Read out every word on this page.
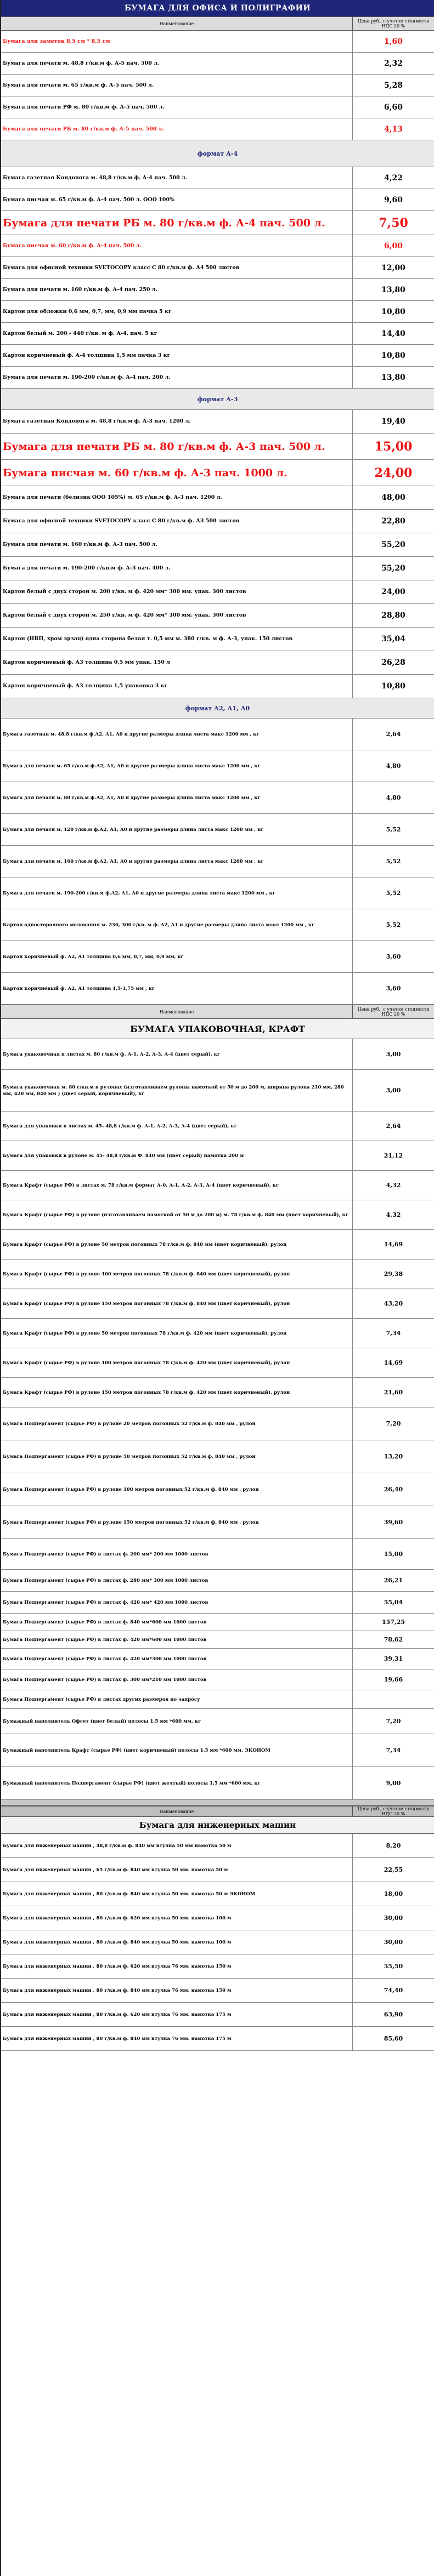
БУМАГА ДЛЯ ОФИСА И ПОЛИГРАФИИ
Наименование	Цена руб., с учетом стоимости НДС 20 %
Бумага для заметок 8,5 см * 8,5 см	1,60
Бумага для печати м. 48,8 г/кв.м ф. А-5 пач. 500 л.	2,32
Бумага для печати м. 65 г/кв.м ф. А-5 пач. 500 л.	5,28
Бумага для печати РФ м. 80 г/кв.м ф. А-5 пач. 500 л.	6,60
Бумага для печати РБ м. 80 г/кв.м ф. А-5 пач. 500 л.	4,13
формат А-4
Бумага газетная Кондопога м. 48,8 г/кв.м ф. А-4 пач. 500 л.	4,22
Бумага писчая м. 65 г/кв.м ф. А-4 пач. 500 л. ООО 100%	9,60
Бумага для печати РБ м. 80 г/кв.м ф. А-4 пач. 500 л.	7,50
Бумага писчая м. 60 г/кв.м ф. А-4 пач. 500 л.	6,00
Бумага для офисной техники SVETOCOPY класс С 80 г/кв.м ф. А4 500 листов	12,00
Бумага для печати м. 160 г/кв.м ф. А-4 пач. 250 л.	13,80
Картон для обложки 0,6 мм, 0,7, мм, 0,9 мм пачка 5 кг	10,80
Картон белый м. 200 - 440 г/кв. м ф. А-4, пач. 5 кг	14,40
Картон коричневый ф. А-4 толщина 1,5 мм пачка 3 кг	10,80
Бумага для печати м. 190-200 г/кв.м ф. А-4 пач. 200 л.	13,80
формат А-3
Бумага газетная Кондопога м. 48,8 г/кв.м ф. А-3 пач. 1200 л.	19,40
Бумага для печати РБ м. 80 г/кв.м ф. А-3 пач. 500 л.	15,00
Бумага писчая м. 60 г/кв.м ф. А-3 пач. 1000 л.	24,00
Бумага для печати (белизна ООО 105%) м. 65 г/кв.м ф. А-3 пач. 1200 л.	48,00
Бумага для офисной техники SVETOCOPY класс С 80 г/кв.м ф. А3 500 листов	22,80
Бумага для печати м. 160 г/кв.м ф. А-3 пач. 500 л.	55,20
Бумага для печати м. 190-200 г/кв.м ф. А-3 пач. 400 л.	55,20
Картон белый с двух сторон м. 200 г/кв. м ф. 420 мм* 300 мм. упак. 300 листов	24,00
Картон белый с двух сторон м. 250 г/кв. м ф. 420 мм* 300 мм. упак. 300 листов	28,80
Картон (НВП, хром эрзац) одна сторона белая т. 0,5 мм м. 380 г/кв. м ф. А-3, упак. 150 листов	35,04
Картон коричневый ф. А3 толщина 0,5 мм упак. 150 л	26,28
Картон коричневый ф. А3 толщина 1,5 упаковка 3 кг	10,80
формат А2, А1, А0
Бумага газетная м. 48,8 г/кв.м ф.А2, А1, А0 и другие размеры длина листа макс 1200 мм , кг	2,64
Бумага для печати м. 65 г/кв.м ф.А2, А1, А0 и другие размеры длина листа макс 1200 мм , кг	4,80
Бумага для печати м. 80 г/кв.м ф.А2, А1, А0 и другие размеры длина листа макс 1200 мм , кг	4,80
Бумага для печати м. 120 г/кв.м ф.А2, А1, А0 и другие размеры длина листа макс 1200 мм , кг	5,52
Бумага для печати м. 160 г/кв.м ф.А2, А1, А0 и другие размеры длина листа макс 1200 мм , кг	5,52
Бумага для печати м. 190-200 г/кв.м ф.А2, А1, А0 и другие размеры длина листа макс 1200 мм , кг	5,52
Картон односторонного мелования м. 230, 300 г/кв. м ф. А2, А1 и другие размеры длина листа макс 1200 мм , кг	5,52
Картон коричневый ф. А2, А1 толщина 0,6 мм, 0,7, мм, 0,9 мм, кг	3,60
Картон коричневый ф. А2, А1 толщина 1,5-1,75 мм , кг	3,60
Наименование	Цена руб., с учетом стоимости НДС 20 %
БУМАГА УПАКОВОЧНАЯ, КРАФТ
Бумага упаковочная в листах м. 80 г/кв.м ф. А-1, А-2, А-3, А-4 (цвет серый), кг	3,00
Бумага упаковочная м. 80 г/кв.м в рулонах (изготавливаем рулоны намоткой от 50 м до 200 м, ширина рулона 210 мм, 280 мм, 420 мм, 840 мм ) (цвет серый, коричневый), кг	3,00
Бумага для упаковки в листах м. 45- 48,8 г/кв.м ф. А-1, А-2, А-3, А-4 (цвет серый), кг	2,64
Бумага для упаковки в рулоне м. 45- 48,8 г/кв.м Ф. 840 мм (цвет серый) намотка 200 м	21,12
Бумага Крафт (сырье РФ) в листах м. 78 г/кв.м формат А-0, А-1, А-2, А-3, А-4 (цвет коричневый), кг	4,32
Бумага Крафт (сырье РФ) в рулоне (изготавливаем намоткой от 50 м до 200 м) м. 78 г/кв.м ф. 840 мм (цвет коричневый), кг	4,32
Бумага Крафт (сырье РФ) в рулоне 50 метров погонных 78 г/кв.м ф. 840 мм (цвет коричневый), рулон	14,69
Бумага Крафт (сырье РФ) в рулоне 100 метров погонных 78 г/кв.м ф. 840 мм (цвет коричневый), рулон	29,38
Бумага Крафт (сырье РФ) в рулоне 150 метров погонных 78 г/кв.м ф. 840 мм (цвет коричневый), рулон	43,20
Бумага Крафт (сырье РФ) в рулоне 50 метров погонных 78 г/кв.м ф. 420 мм (цвет коричневый), рулон	7,34
Бумага Крафт (сырье РФ) в рулоне 100 метров погонных 78 г/кв.м ф. 420 мм (цвет коричневый), рулон	14,69
Бумага Крафт (сырье РФ) в рулоне 150 метров погонных 78 г/кв.м ф. 420 мм (цвет коричневый), рулон	21,60
Бумага Подпергамент (сырье РФ) в рулоне 20 метров погонных 52 г/кв.м ф. 840 мм , рулон	7,20
Бумага Подпергамент (сырье РФ) в рулоне 50 метров погонных 52 г/кв.м ф. 840 мм , рулон	13,20
Бумага Подпергамент (сырье РФ) в рулоне 100 метров погонных 52 г/кв.м ф. 840 мм , рулон	26,40
Бумага Подпергамент (сырье РФ) в рулоне 150 метров погонных 52 г/кв.м ф. 840 мм , рулон	39,60
Бумага Подпергамент (сырье РФ) в листах ф. 200 мм* 200 мм 1000 листов	15,00
Бумага Подпергамент (сырье РФ) в листах ф. 280 мм* 300 мм 1000 листов	26,21
Бумага Подпергамент (сырье РФ) в листах ф. 420 мм* 420 мм 1000 листов	55,04
Бумага Подпергамент (сырье РФ) в листах ф. 840 мм*600 мм 1000 листов	157,25
Бумага Подпергамент (сырье РФ) в листах ф. 420 мм*600 мм 1000 листов	78,62
Бумага Подпергамент (сырье РФ) в листах ф. 420 мм*300 мм 1000 листов	39,31
Бумага Подпергамент (сырье РФ) в листах ф. 300 мм*210 мм 1000 листов	19,66
Бумага Подпергамент (сырье РФ) в листах других размеров по запросу
Бумажный наполнитель Офсет (цвет белый) полосы 1,5 мм *600 мм, кг	7,20
Бумажный наполнитель Крафт (сырье РФ) (цвет коричневый) полосы 1,5 мм *600 мм, ЭКОНОМ	7,34
Бумажный наполнитель Подпергамент (сырье РФ) (цвет желтый) полосы 1,5 мм *600 мм, кг	9,00
Наименование	Цена руб., с учетом стоимости НДС 20 %
Бумага для инженерных машин
Бумага для инженерных машин , 48,8 г/кв.м ф. 840 мм втулка 50 мм намотка 50 м	8,20
Бумага для инженерных машин , 65 г/кв.м ф. 840 мм втулка 50 мм. намотка 50 м	22,55
Бумага для инженерных машин , 80 г/кв.м ф. 840 мм втулка 50 мм. намотка 50 м ЭКОНОМ	18,00
Бумага для инженерных машин , 80 г/кв.м ф. 620 мм втулка 50 мм. намотка 100 м	30,00
Бумага для инженерных машин , 80 г/кв.м ф. 840 мм втулка 50 мм. намотка 100 м	30,00
Бумага для инженерных машин , 80 г/кв.м ф. 620 мм втулка 76 мм. намотка 150 м	55,50
Бумага для инженерных машин , 80 г/кв.м ф. 840 мм втулка 76 мм. намотка 150 м	74,40
Бумага для инженерных машин , 80 г/кв.м ф. 620 мм втулка 76 мм. намотка 175 м	63,90
Бумага для инженерных машин , 80 г/кв.м ф. 840 мм втулка 76 мм. намотка 175 м	85,60
